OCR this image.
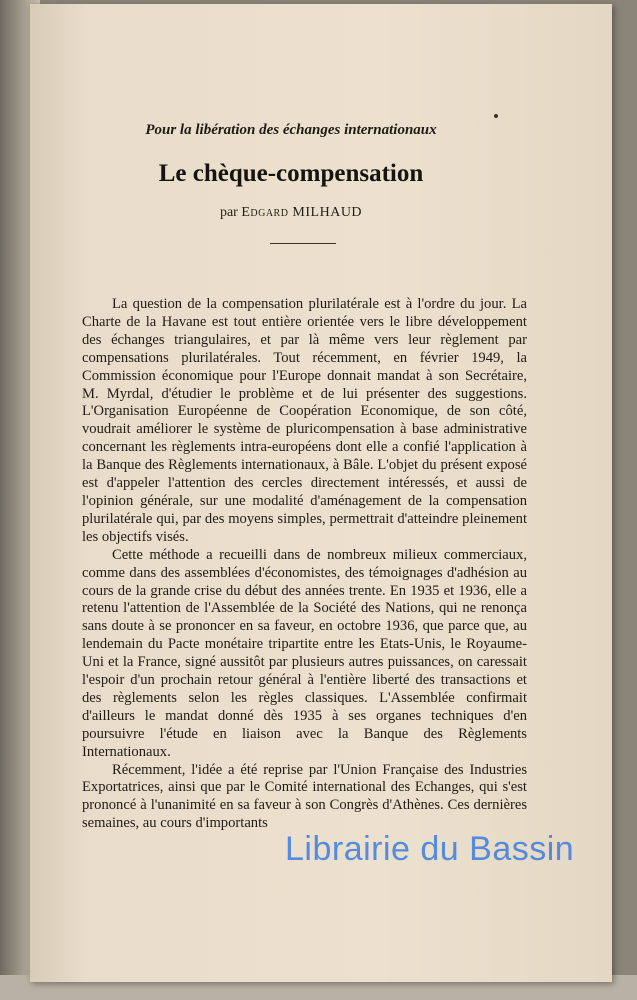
Pour la libération des échanges internationaux
Le chèque-compensation
par Edgard MILHAUD

La question de la compensation plurilatérale est à l'ordre du jour. La Charte de la Havane est tout entière orientée vers le libre développement des échanges triangulaires, et par là même vers leur règlement par compensations plurilatérales. Tout récemment, en février 1949, la Commission économique pour l'Europe donnait mandat à son Secrétaire, M. Myrdal, d'étudier le problème et de lui présenter des suggestions. L'Organisation Européenne de Coopération Economique, de son côté, voudrait améliorer le système de pluricompensation à base administrative concernant les règlements intra-européens dont elle a confié l'application à la Banque des Règlements internationaux, à Bâle. L'objet du présent exposé est d'appeler l'attention des cercles directement intéressés, et aussi de l'opinion générale, sur une modalité d'aménagement de la compensation plurilatérale qui, par des moyens simples, permettrait d'atteindre pleinement les objectifs visés.

Cette méthode a recueilli dans de nombreux milieux commerciaux, comme dans des assemblées d'économistes, des témoignages d'adhésion au cours de la grande crise du début des années trente. En 1935 et 1936, elle a retenu l'attention de l'Assemblée de la Société des Nations, qui ne renonça sans doute à se prononcer en sa faveur, en octobre 1936, que parce que, au lendemain du Pacte monétaire tripartite entre les Etats-Unis, le Royaume-Uni et la France, signé aussitôt par plusieurs autres puissances, on caressait l'espoir d'un prochain retour général à l'entière liberté des transactions et des règlements selon les règles classiques. L'Assemblée confirmait d'ailleurs le mandat donné dès 1935 à ses organes techniques d'en poursuivre l'étude en liaison avec la Banque des Règlements Internationaux.

Récemment, l'idée a été reprise par l'Union Française des Industries Exportatrices, ainsi que par le Comité international des Echanges, qui s'est prononcé à l'unanimité en sa faveur à son Congrès d'Athènes. Ces dernières semaines, au cours d'importants

Librairie du Bassin
